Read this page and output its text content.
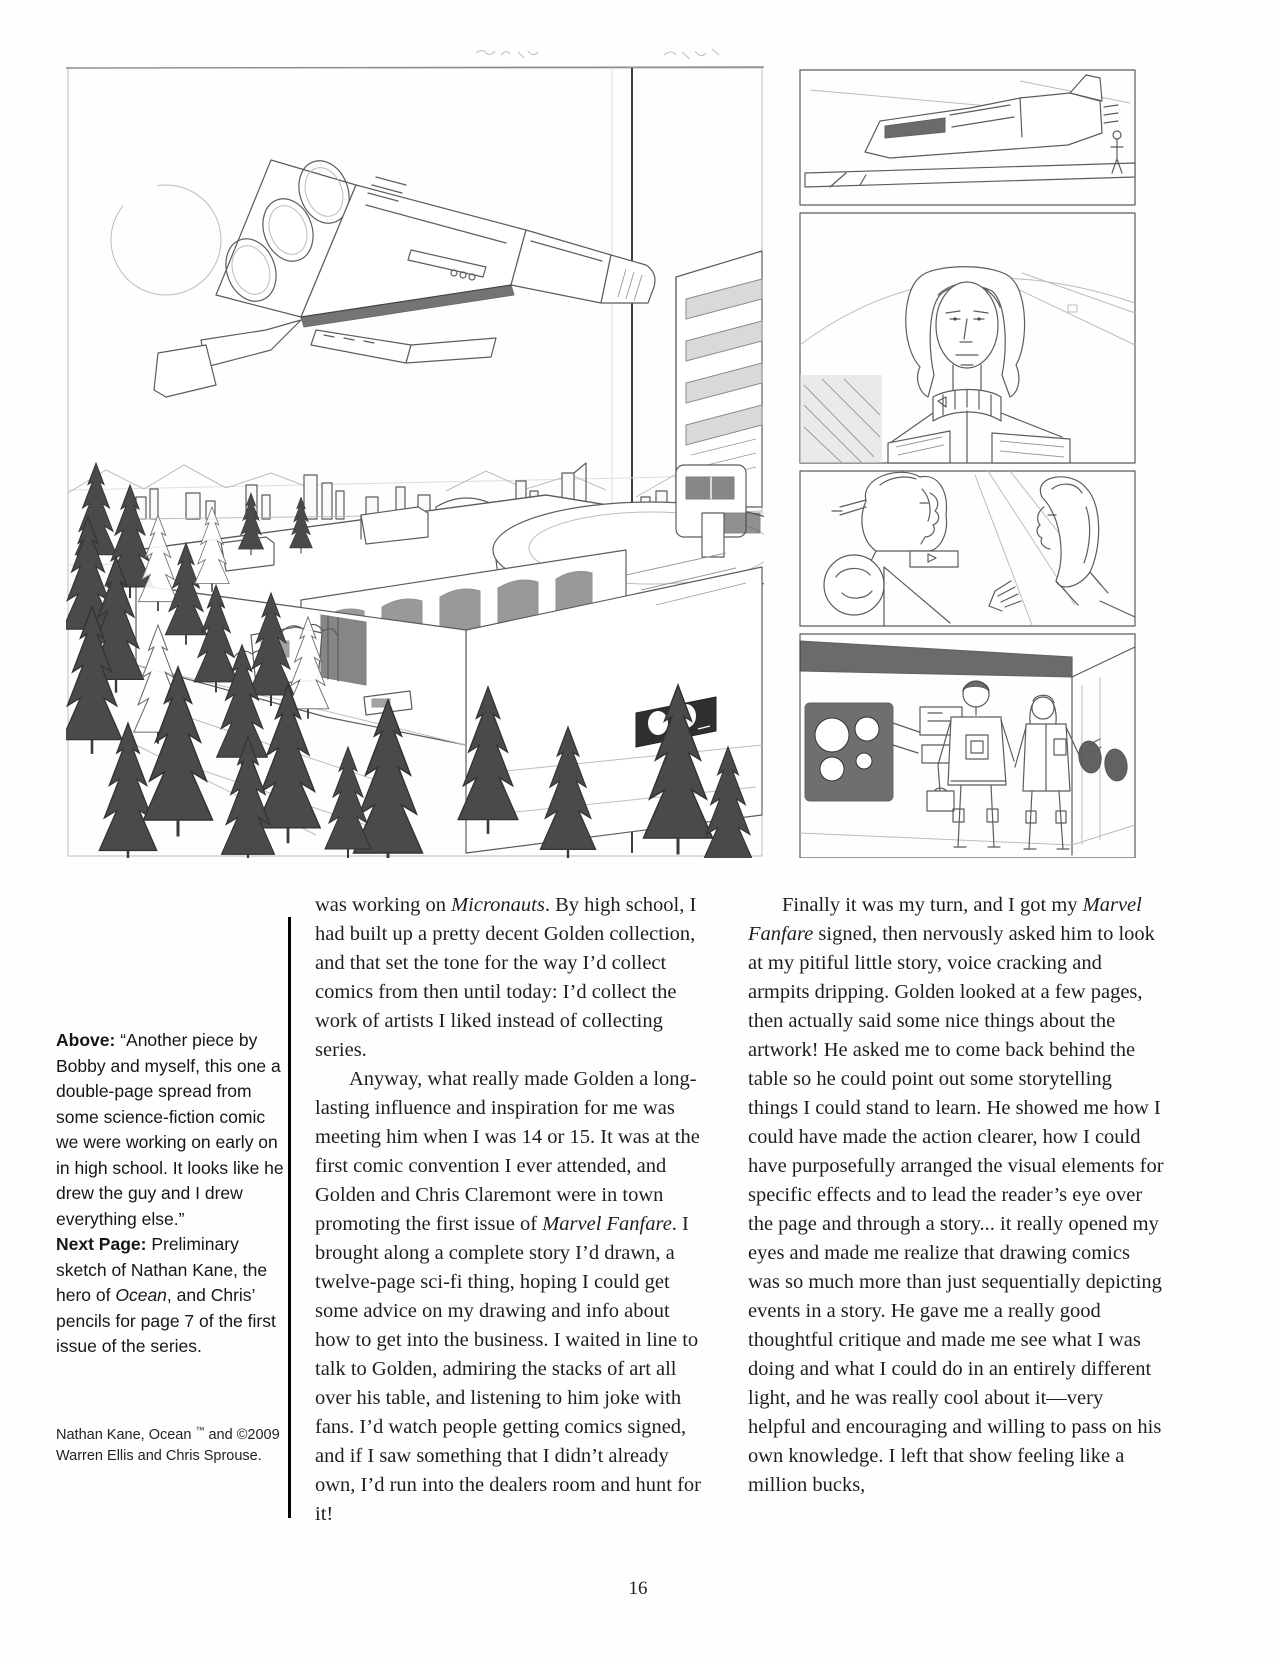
Above: “Another piece by Bobby and myself, this one a double-page spread from some science-fiction comic we were working on early on in high school. It looks like he drew the guy and I drew everything else.”

Next Page: Preliminary sketch of Nathan Kane, the hero of Ocean, and Chris’ pencils for page 7 of the first issue of the series.

Nathan Kane, Ocean ™ and ©2009 Warren Ellis and Chris Sprouse.

was working on Micronauts. By high school, I had built up a pretty decent Golden collection, and that set the tone for the way I’d collect comics from then until today: I’d collect the work of artists I liked instead of collecting series.

Anyway, what really made Golden a long-lasting influence and inspiration for me was meeting him when I was 14 or 15. It was at the first comic convention I ever attended, and Golden and Chris Claremont were in town promoting the first issue of Marvel Fanfare. I brought along a complete story I’d drawn, a twelve-page sci-fi thing, hoping I could get some advice on my drawing and info about how to get into the business. I waited in line to talk to Golden, admiring the stacks of art all over his table, and listening to him joke with fans. I’d watch people getting comics signed, and if I saw something that I didn’t already own, I’d run into the dealers room and hunt for it!

Finally it was my turn, and I got my Marvel Fanfare signed, then nervously asked him to look at my pitiful little story, voice cracking and armpits dripping. Golden looked at a few pages, then actually said some nice things about the artwork! He asked me to come back behind the table so he could point out some storytelling things I could stand to learn. He showed me how I could have made the action clearer, how I could have purposefully arranged the visual elements for specific effects and to lead the reader’s eye over the page and through a story... it really opened my eyes and made me realize that drawing comics was so much more than just sequentially depicting events in a story. He gave me a really good thoughtful critique and made me see what I was doing and what I could do in an entirely different light, and he was really cool about it—very helpful and encouraging and willing to pass on his own knowledge. I left that show feeling like a million bucks,

16
